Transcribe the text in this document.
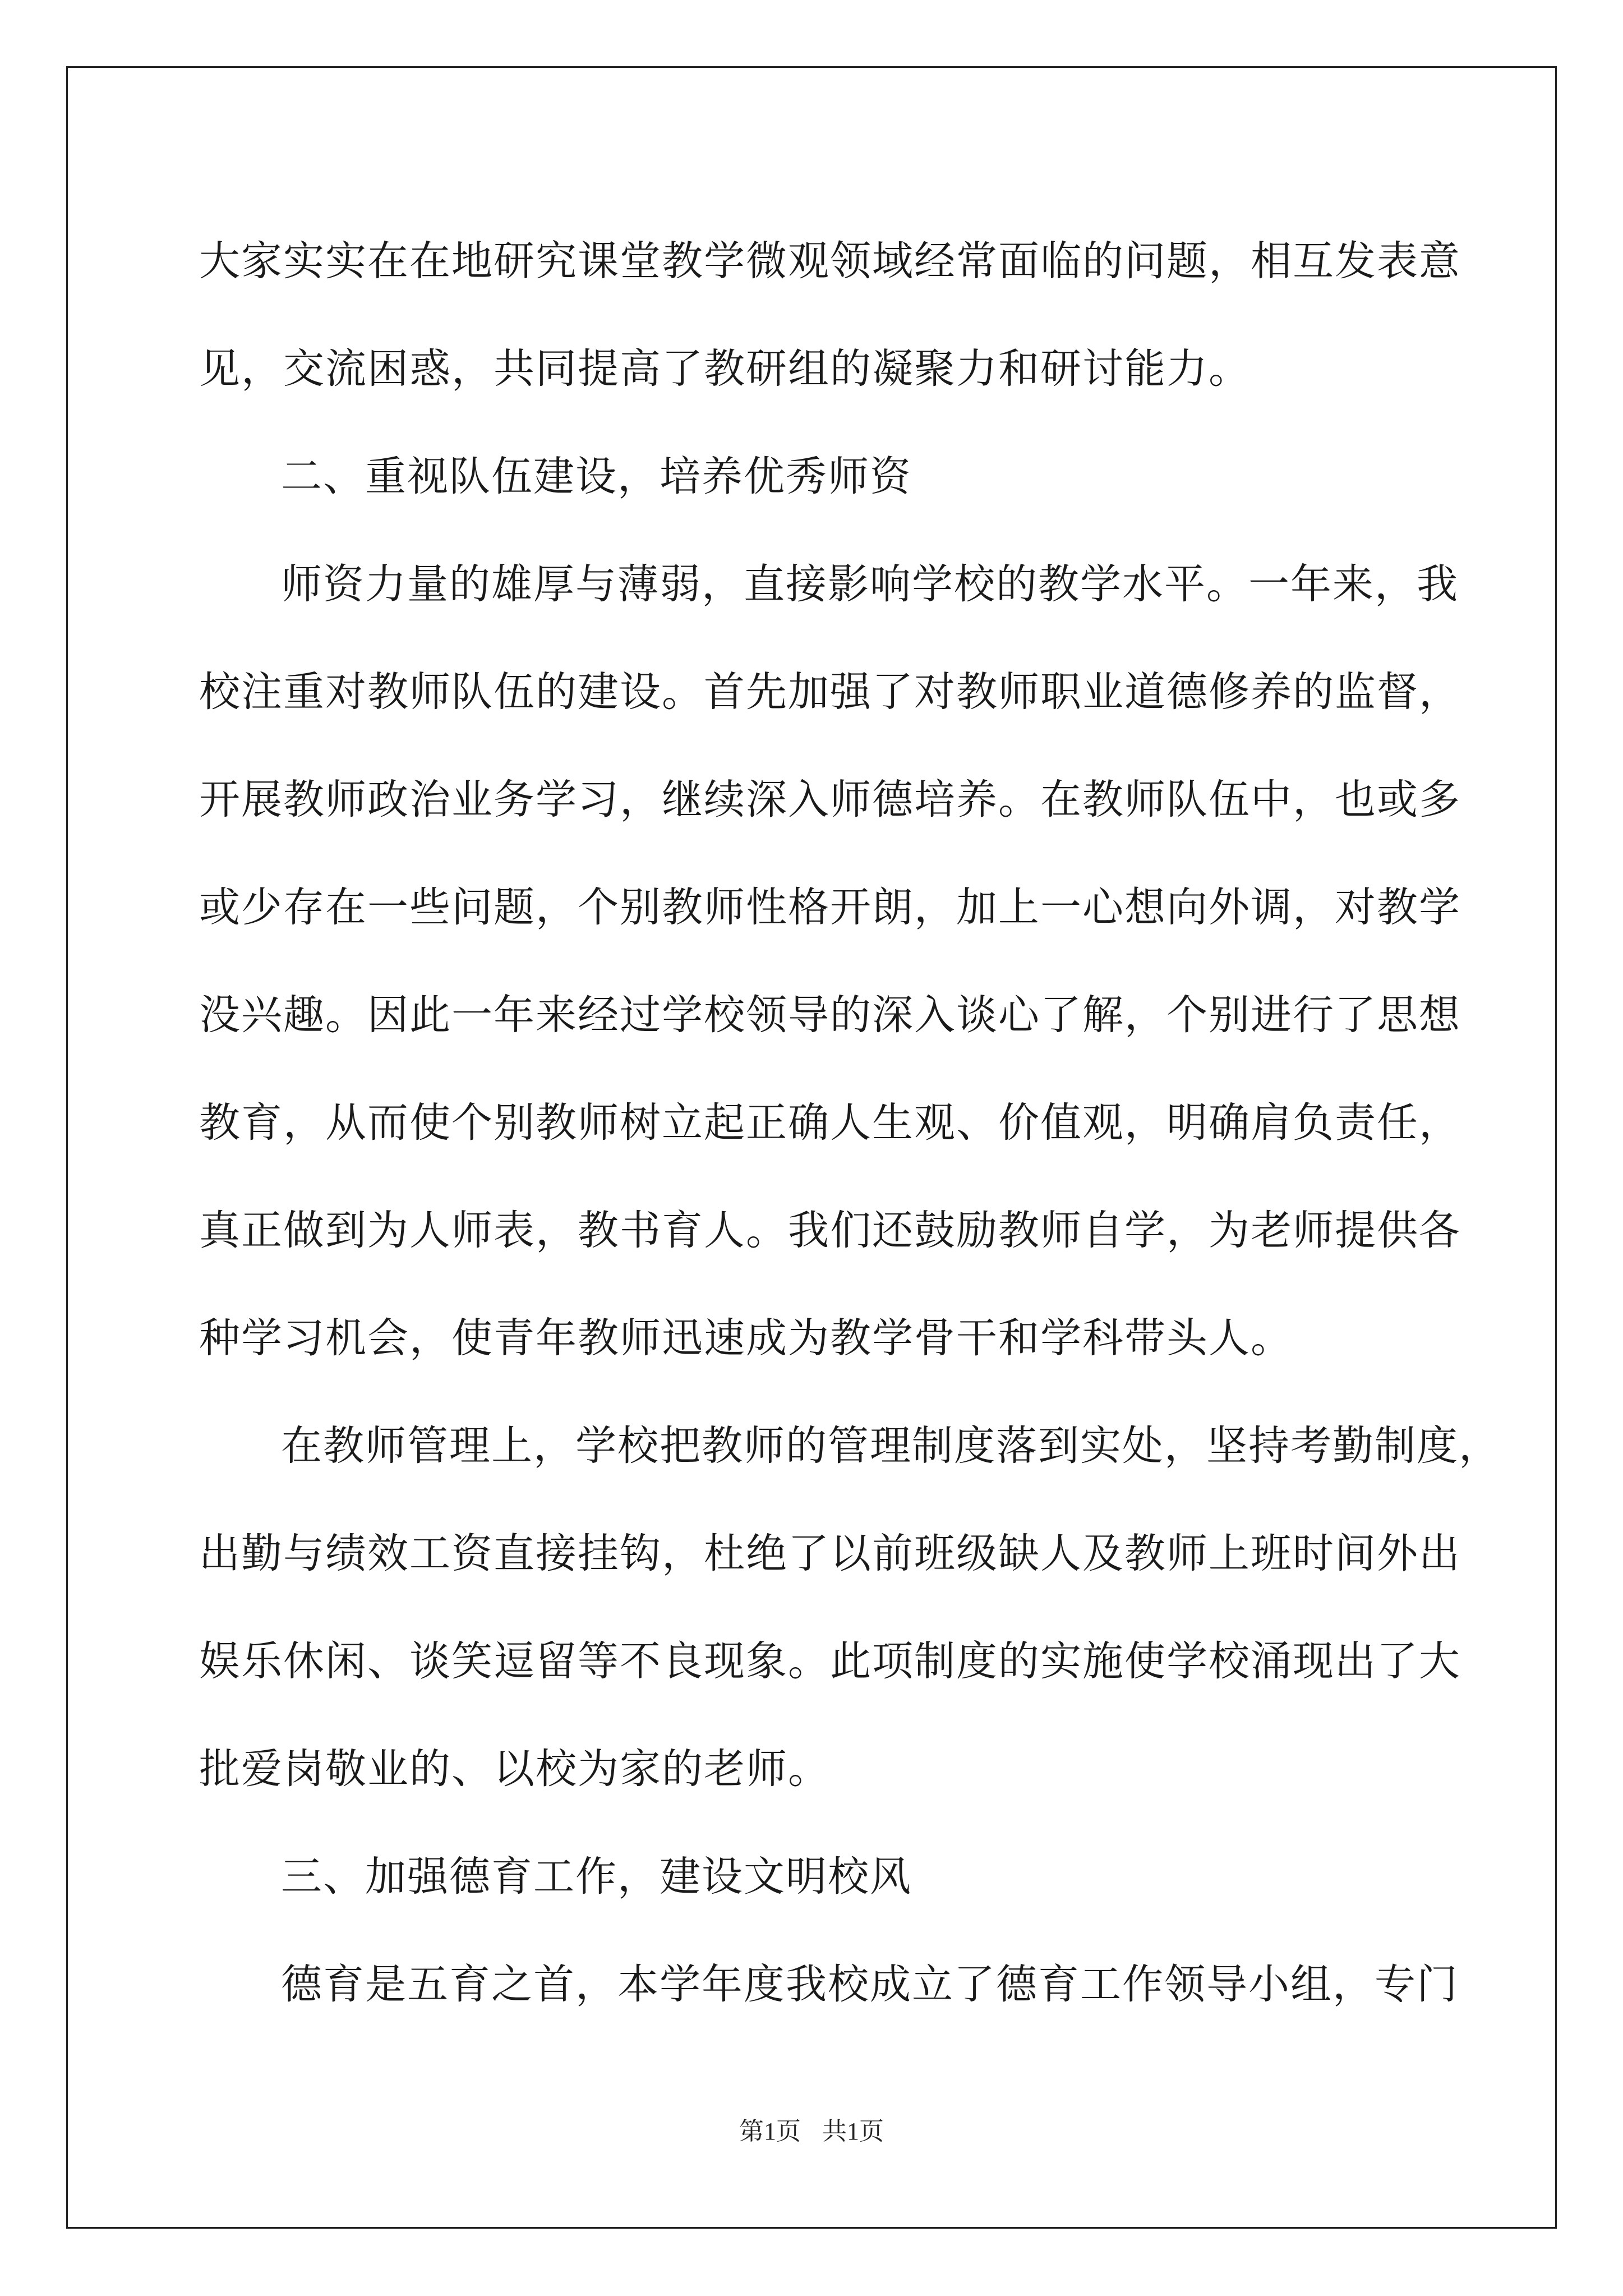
大家实实在在地研究课堂教学微观领域经常面临的问题，相互发表意
见，交流困惑，共同提高了教研组的凝聚力和研讨能力。
二、重视队伍建设，培养优秀师资
师资力量的雄厚与薄弱，直接影响学校的教学水平。一年来，我
校注重对教师队伍的建设。首先加强了对教师职业道德修养的监督，
开展教师政治业务学习，继续深入师德培养。在教师队伍中，也或多
或少存在一些问题，个别教师性格开朗，加上一心想向外调，对教学
没兴趣。因此一年来经过学校领导的深入谈心了解，个别进行了思想
教育，从而使个别教师树立起正确人生观、价值观，明确肩负责任，
真正做到为人师表，教书育人。我们还鼓励教师自学，为老师提供各
种学习机会，使青年教师迅速成为教学骨干和学科带头人。
在教师管理上，学校把教师的管理制度落到实处，坚持考勤制度，
出勤与绩效工资直接挂钩，杜绝了以前班级缺人及教师上班时间外出
娱乐休闲、谈笑逗留等不良现象。此项制度的实施使学校涌现出了大
批爱岗敬业的、以校为家的老师。
三、加强德育工作，建设文明校风
德育是五育之首，本学年度我校成立了德育工作领导小组，专门
第1页 共1页
